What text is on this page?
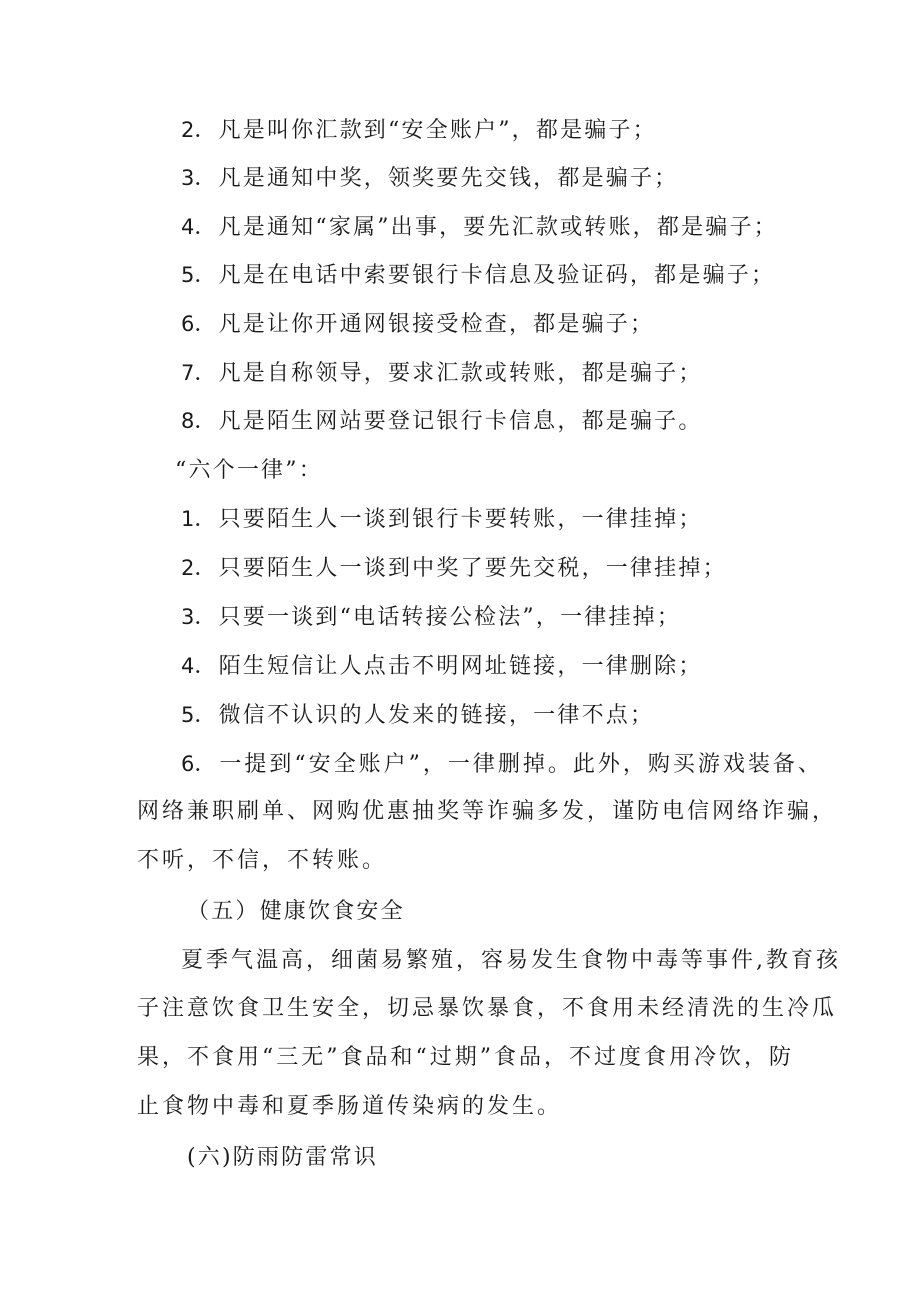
2．凡是叫你汇款到“安全账户”，都是骗子；
3．凡是通知中奖，领奖要先交钱，都是骗子；
4．凡是通知“家属”出事，要先汇款或转账，都是骗子；
5．凡是在电话中索要银行卡信息及验证码，都是骗子；
6．凡是让你开通网银接受检查，都是骗子；
7．凡是自称领导，要求汇款或转账，都是骗子；
8．凡是陌生网站要登记银行卡信息，都是骗子。
“六个一律”：
1．只要陌生人一谈到银行卡要转账，一律挂掉；
2．只要陌生人一谈到中奖了要先交税，一律挂掉；
3．只要一谈到“电话转接公检法”，一律挂掉；
4．陌生短信让人点击不明网址链接，一律删除；
5．微信不认识的人发来的链接，一律不点；
6．一提到“安全账户”，一律删掉。此外，购买游戏装备、
网络兼职刷单、网购优惠抽奖等诈骗多发，谨防电信网络诈骗，
不听，不信，不转账。
（五）健康饮食安全
夏季气温高，细菌易繁殖，容易发生食物中毒等事件,教育孩
子注意饮食卫生安全，切忌暴饮暴食，不食用未经清洗的生冷瓜
果，不食用“三无”食品和“过期”食品，不过度食用冷饮，防
止食物中毒和夏季肠道传染病的发生。
(六)防雨防雷常识
